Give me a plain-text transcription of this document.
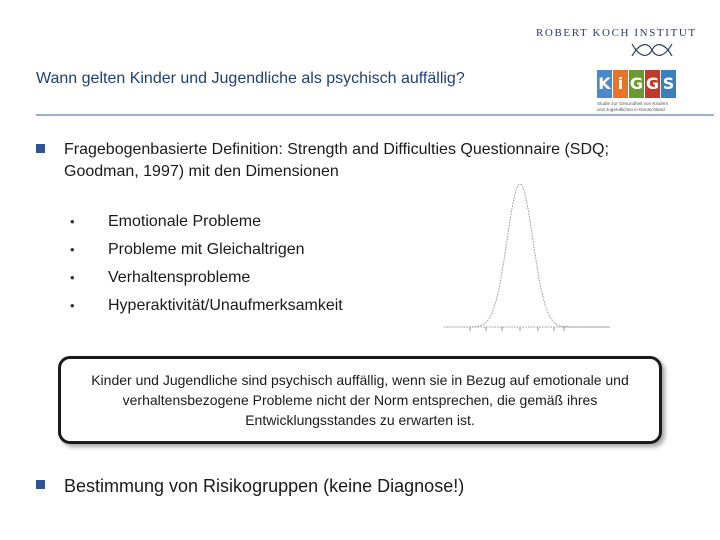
ROBERT KOCH INSTITUT
Wann gelten Kinder und Jugendliche als psychisch auffällig?	K i G G S
Studie zur Gesundheit von Kindern
und Jugendlichen in Deutschland
Fragebogenbasierte Definition: Strength and Difficulties Questionnaire (SDQ; Goodman, 1997) mit den Dimensionen
• Emotionale Probleme
• Probleme mit Gleichaltrigen
• Verhaltensprobleme
• Hyperaktivität/Unaufmerksamkeit
Kinder und Jugendliche sind psychisch auffällig, wenn sie in Bezug auf emotionale und verhaltensbezogene Probleme nicht der Norm entsprechen, die gemäß ihres Entwicklungsstandes zu erwarten ist.
Bestimmung von Risikogruppen (keine Diagnose!)
